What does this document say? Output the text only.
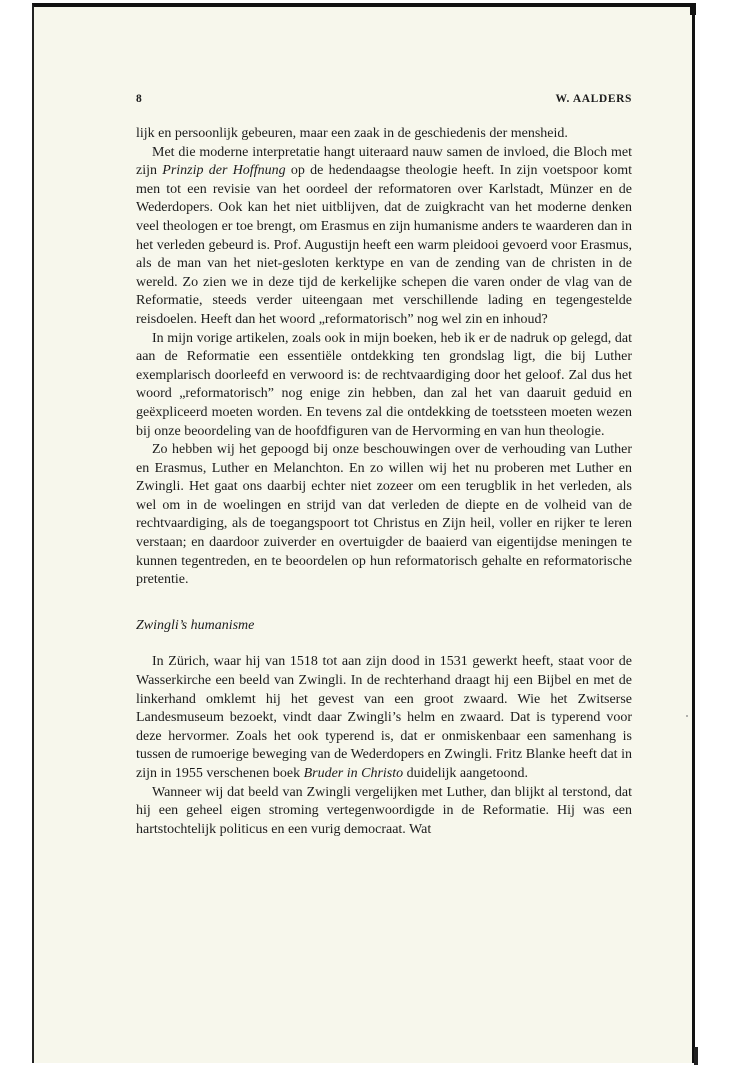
8	W. AALDERS

lijk en persoonlijk gebeuren, maar een zaak in de geschiedenis der mensheid.

Met die moderne interpretatie hangt uiteraard nauw samen de invloed, die Bloch met zijn Prinzip der Hoffnung op de hedendaagse theologie heeft. In zijn voetspoor komt men tot een revisie van het oordeel der reformatoren over Karlstadt, Münzer en de Wederdopers. Ook kan het niet uitblijven, dat de zuigkracht van het moderne denken veel theologen er toe brengt, om Erasmus en zijn humanisme anders te waarderen dan in het verleden gebeurd is. Prof. Augustijn heeft een warm pleidooi gevoerd voor Erasmus, als de man van het niet-gesloten kerktype en van de zending van de christen in de wereld. Zo zien we in deze tijd de kerkelijke schepen die varen onder de vlag van de Reformatie, steeds verder uiteengaan met verschillende lading en tegengestelde reisdoelen. Heeft dan het woord „reformatorisch” nog wel zin en inhoud?

In mijn vorige artikelen, zoals ook in mijn boeken, heb ik er de nadruk op gelegd, dat aan de Reformatie een essentiële ontdekking ten grondslag ligt, die bij Luther exemplarisch doorleefd en verwoord is: de rechtvaardiging door het geloof. Zal dus het woord „reformatorisch” nog enige zin hebben, dan zal het van daaruit geduid en geëxpliceerd moeten worden. En tevens zal die ontdekking de toetssteen moeten wezen bij onze beoordeling van de hoofdfiguren van de Hervorming en van hun theologie.

Zo hebben wij het gepoogd bij onze beschouwingen over de verhouding van Luther en Erasmus, Luther en Melanchton. En zo willen wij het nu proberen met Luther en Zwingli. Het gaat ons daarbij echter niet zozeer om een terugblik in het verleden, als wel om in de woelingen en strijd van dat verleden de diepte en de volheid van de rechtvaardiging, als de toegangspoort tot Christus en Zijn heil, voller en rijker te leren verstaan; en daardoor zuiverder en overtuigder de baaierd van eigentijdse meningen te kunnen tegentreden, en te beoordelen op hun reformatorisch gehalte en reformatorische pretentie.

Zwingli’s humanisme

In Zürich, waar hij van 1518 tot aan zijn dood in 1531 gewerkt heeft, staat voor de Wasserkirche een beeld van Zwingli. In de rechterhand draagt hij een Bijbel en met de linkerhand omklemt hij het gevest van een groot zwaard. Wie het Zwitserse Landesmuseum bezoekt, vindt daar Zwingli’s helm en zwaard. Dat is typerend voor deze hervormer. Zoals het ook typerend is, dat er onmiskenbaar een samenhang is tussen de rumoerige beweging van de Wederdopers en Zwingli. Fritz Blanke heeft dat in zijn in 1955 verschenen boek Bruder in Christo duidelijk aangetoond.

Wanneer wij dat beeld van Zwingli vergelijken met Luther, dan blijkt al terstond, dat hij een geheel eigen stroming vertegenwoordigde in de Reformatie. Hij was een hartstochtelijk politicus en een vurig democraat. Wat
